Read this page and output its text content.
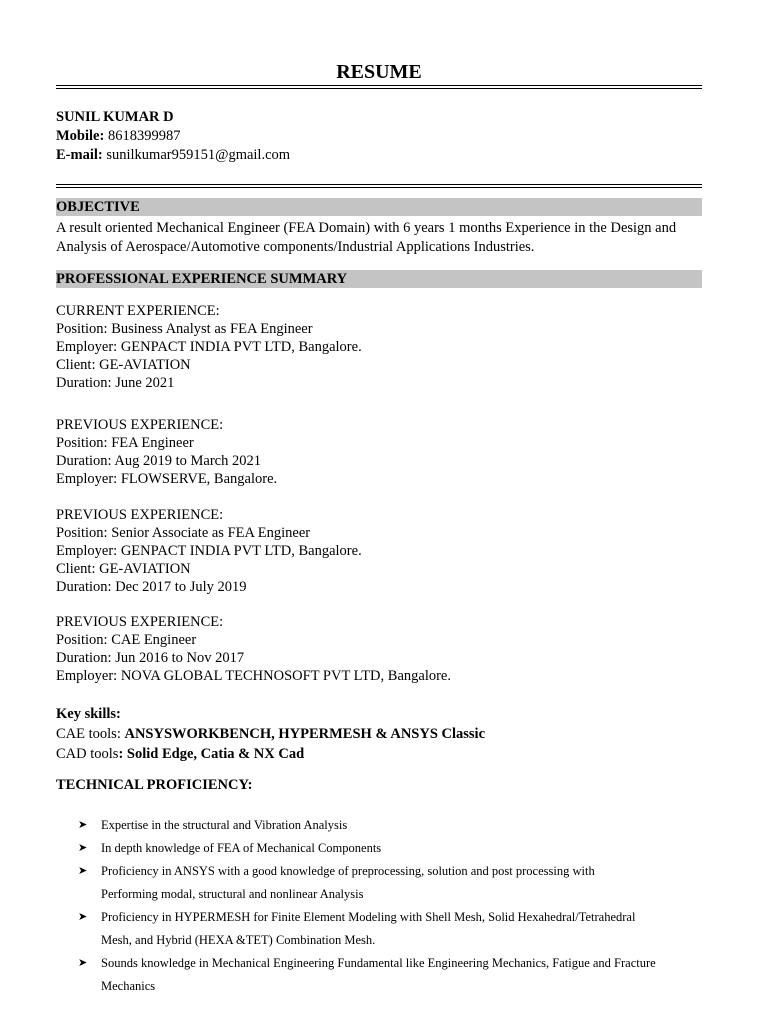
RESUME
SUNIL KUMAR D
Mobile: 8618399987
E-mail: sunilkumar959151@gmail.com
OBJECTIVE
A result oriented Mechanical Engineer (FEA Domain) with 6 years 1 months Experience in the Design and Analysis of Aerospace/Automotive components/Industrial Applications Industries.
PROFESSIONAL EXPERIENCE SUMMARY
CURRENT EXPERIENCE:
Position: Business Analyst as FEA Engineer
Employer: GENPACT INDIA PVT LTD, Bangalore.
Client: GE-AVIATION
Duration: June 2021
PREVIOUS EXPERIENCE:
Position: FEA Engineer
Duration: Aug 2019 to March 2021
Employer: FLOWSERVE, Bangalore.
PREVIOUS EXPERIENCE:
Position: Senior Associate as FEA Engineer
Employer: GENPACT INDIA PVT LTD, Bangalore.
Client: GE-AVIATION
Duration: Dec 2017 to July 2019
PREVIOUS EXPERIENCE:
Position: CAE Engineer
Duration: Jun 2016 to Nov 2017
Employer: NOVA GLOBAL TECHNOSOFT PVT LTD, Bangalore.
Key skills:
CAE tools: ANSYSWORKBENCH, HYPERMESH & ANSYS Classic
CAD tools: Solid Edge, Catia & NX Cad
TECHNICAL PROFICIENCY:
➤ Expertise in the structural and Vibration Analysis
➤ In depth knowledge of FEA of Mechanical Components
➤ Proficiency in ANSYS with a good knowledge of preprocessing, solution and post processing with
Performing modal, structural and nonlinear Analysis
➤ Proficiency in HYPERMESH for Finite Element Modeling with Shell Mesh, Solid Hexahedral/Tetrahedral
Mesh, and Hybrid (HEXA &TET) Combination Mesh.
➤ Sounds knowledge in Mechanical Engineering Fundamental like Engineering Mechanics, Fatigue and Fracture
Mechanics
